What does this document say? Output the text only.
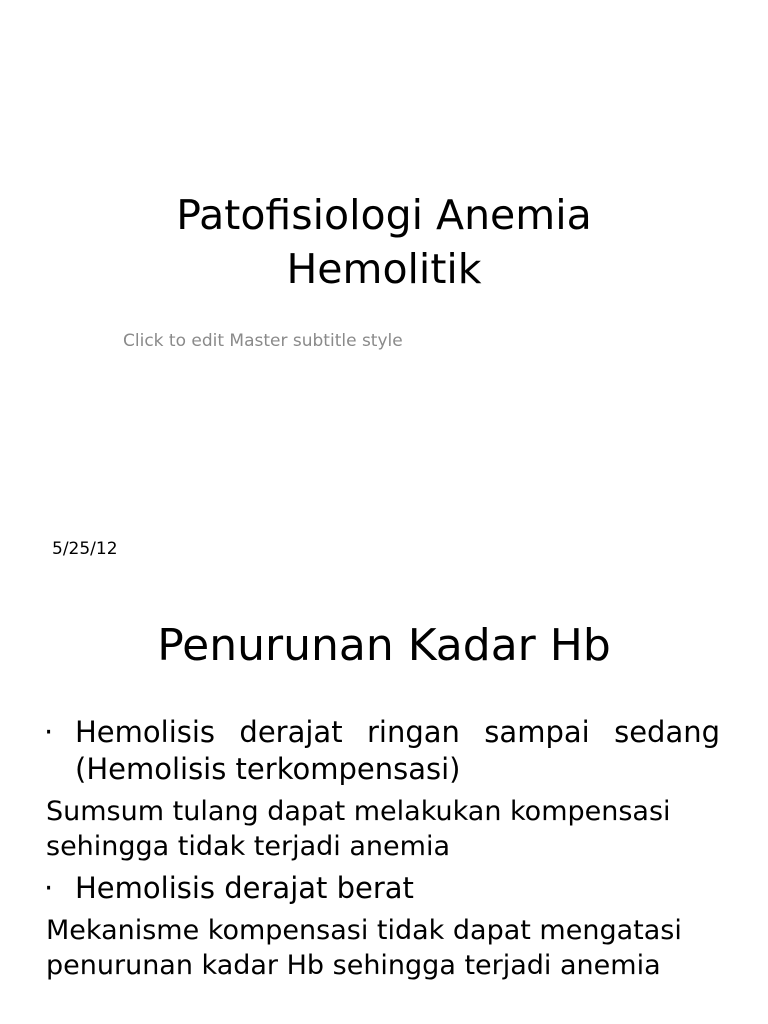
Patofisiologi Anemia
Hemolitik

Click to edit Master subtitle style

5/25/12

Penurunan Kadar Hb

· Hemolisis derajat ringan sampai sedang (Hemolisis terkompensasi)

Sumsum tulang dapat melakukan kompensasi sehingga tidak terjadi anemia

· Hemolisis derajat berat

Mekanisme kompensasi tidak dapat mengatasi penurunan kadar Hb sehingga terjadi anemia
